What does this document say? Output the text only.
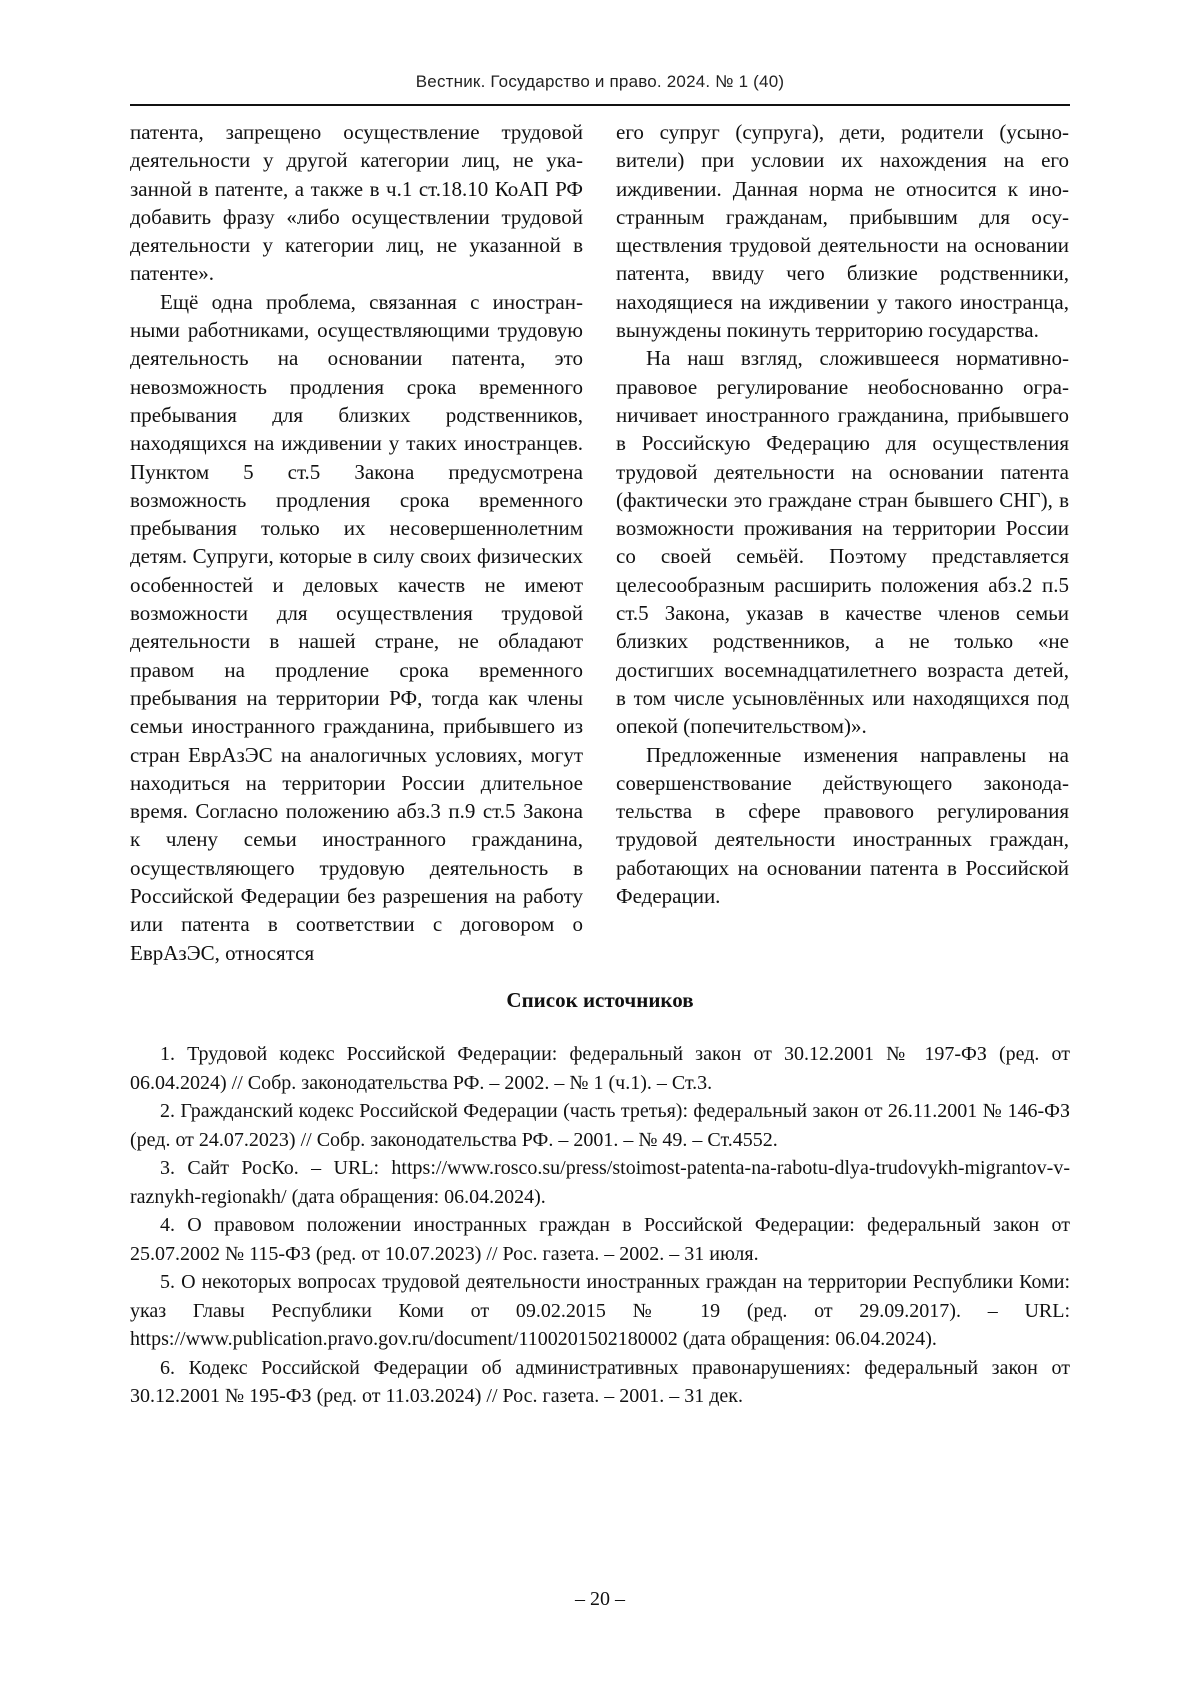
Вестник. Государство и право. 2024. № 1 (40)

патента, запрещено осуществление трудовой деятельности у другой категории лиц, не ука­занной в патенте, а также в ч.1 ст.18.10 КоАП РФ добавить фразу «либо осуществлении тру­довой деятельности у категории лиц, не ука­занной в патенте».

Ещё одна проблема, связанная с иностран­ными работниками, осуществляющими тру­довую деятельность на основании патента, это невозможность продления срока времен­ного пребывания для близких родственников, находящихся на иждивении у таких ино­странцев. Пунктом 5 ст.5 Закона предусмо­трена возможность продления срока времен­ного пребывания только их несовершенно­летним детям. Супруги, которые в силу своих физических особенностей и деловых качеств не имеют возможности для осуществления трудовой деятельности в нашей стране, не об­ладают правом на продление срока временно­го пребывания на территории РФ, тогда как члены семьи иностранного гражданина, при­бывшего из стран ЕврАзЭС на аналогичных условиях, могут находиться на территории России длительное время. Согласно положе­нию абз.3 п.9 ст.5 Закона к члену семьи ино­странного гражданина, осуществляющего тру­довую деятельность в Российской Федерации без разрешения на работу или патента в соот­ветствии с договором о ЕврАзЭС, относятся

его супруг (супруга), дети, родители (усыно­вители) при условии их нахождения на его иждивении. Данная норма не относится к ино­странным гражданам, прибывшим для осу­ществления трудовой деятельности на осно­вании патента, ввиду чего близкие родствен­ники, находящиеся на иждивении у такого иностранца, вынуждены покинуть террито­рию государства.

На наш взгляд, сложившееся нормативно-правовое регулирование необоснованно огра­ничивает иностранного гражданина, прибыв­шего в Российскую Федерацию для осущест­вления трудовой деятельности на основании патента (фактически это граждане стран быв­шего СНГ), в возможности проживания на тер­ритории России со своей семьёй. Поэтому представляется целесообразным расширить положения абз.2 п.5 ст.5 Закона, указав в ка­честве членов семьи близких родственников, а не только «не достигших восемнадцатилет­него возраста детей, в том числе усыновлён­ных или находящихся под опекой (попечи­тельством)».

Предложенные изменения направлены на совершенствование действующего законода­тельства в сфере правового регулирования трудовой деятельности иностранных граждан, работающих на основании патента в Россий­ской Федерации.

Список источников
1. Трудовой кодекс Российской Федерации: федеральный закон от 30.12.2001 № 197-ФЗ (ред. от 06.04.2024) // Собр. законодательства РФ. – 2002. – № 1 (ч.1). – Ст.3.
2. Гражданский кодекс Российской Федерации (часть третья): федеральный закон от 26.11.2001 № 146-ФЗ (ред. от 24.07.2023) // Собр. законодательства РФ. – 2001. – № 49. – Ст.4552.
3. Сайт РосКо. – URL: https://www.rosco.su/press/stoimost-patenta-na-rabotu-dlya-trudovykh-migrantov-v-raznykh-regionakh/ (дата обращения: 06.04.2024).
4. О правовом положении иностранных граждан в Российской Федерации: федеральный закон от 25.07.2002 № 115-ФЗ (ред. от 10.07.2023) // Рос. газета. – 2002. – 31 июля.
5. О некоторых вопросах трудовой деятельности иностранных граждан на территории Республики Коми: указ Главы Республики Коми от 09.02.2015 № 19 (ред. от 29.09.2017). – URL: https://www.publication.pravo.gov.ru/document/1100201502180002 (дата обращения: 06.04.2024).
6. Кодекс Российской Федерации об административных правонарушениях: федеральный закон от 30.12.2001 № 195-ФЗ (ред. от 11.03.2024) // Рос. газета. – 2001. – 31 дек.
– 20 –
